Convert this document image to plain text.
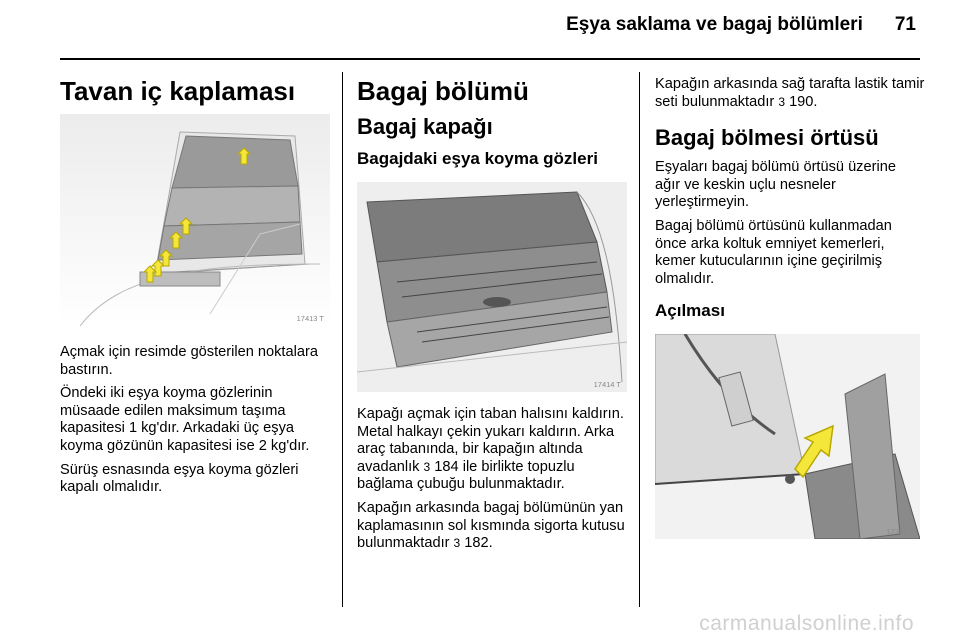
Eşya saklama ve bagaj bölümleri 71
Tavan iç kaplaması
17413 T

Açmak için resimde gösterilen noktalara bastırın.

Öndeki iki eşya koyma gözlerinin müsaade edilen maksimum taşıma kapasitesi 1 kg'dır. Arkadaki üç eşya koyma gözünün kapasitesi ise 2 kg'dır.

Sürüş esnasında eşya koyma gözleri kapalı olmalıdır.

Bagaj bölümü
Bagaj kapağı
Bagajdaki eşya koyma gözleri
17414 T

Kapağı açmak için taban halısını kaldırın. Metal halkayı çekin yukarı kaldırın. Arka araç tabanında, bir kapağın altında avadanlık 3 184 ile birlikte topuzlu bağlama çubuğu bulunmaktadır.

Kapağın arkasında bagaj bölümünün yan kaplamasının sol kısmında sigorta kutusu bulunmaktadır 3 182.

Kapağın arkasında sağ tarafta lastik tamir seti bulunmaktadır 3 190.

Bagaj bölmesi örtüsü

Eşyaları bagaj bölümü örtüsü üzerine ağır ve keskin uçlu nesneler yerleştirmeyin.

Bagaj bölümü örtüsünü kullanmadan önce arka koltuk emniyet kemerleri, kemer kutucularının içine geçirilmiş olmalıdır.

Açılması
17390 T
carmanualsonline.info
